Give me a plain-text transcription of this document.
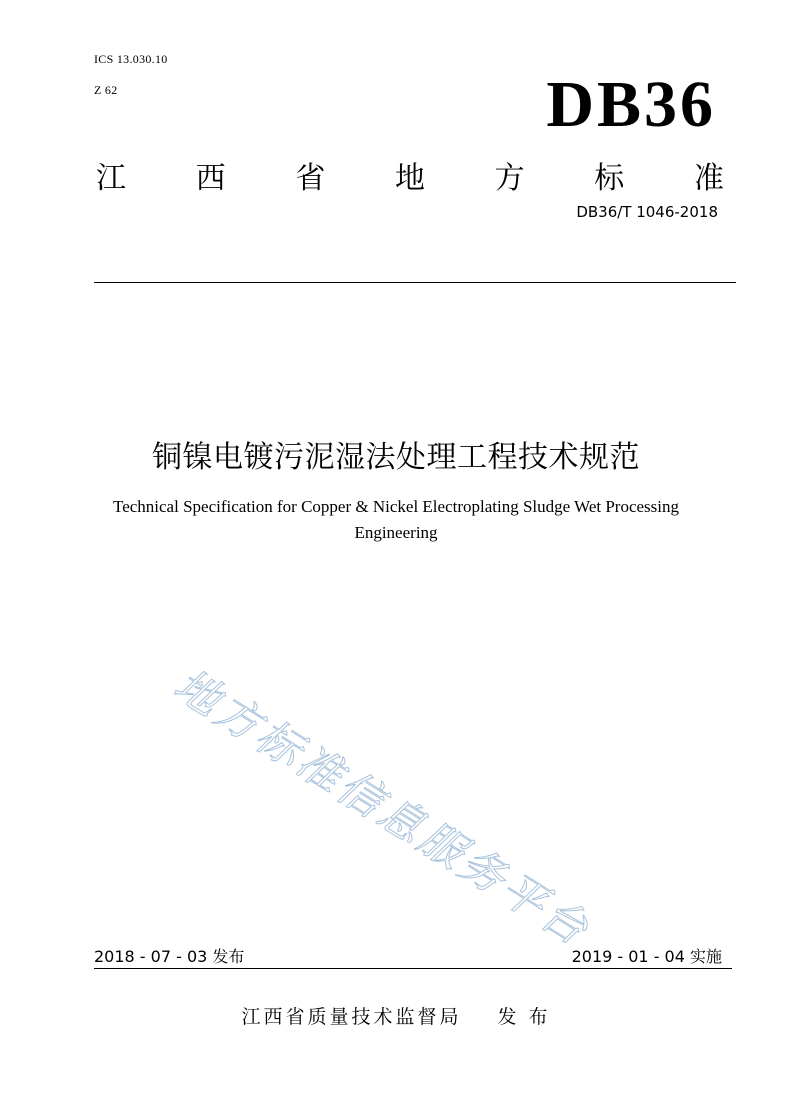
ICS 13.030.10
Z 62	DB36
江 西 省 地 方 标 准
DB36/T 1046-2018
铜镍电镀污泥湿法处理工程技术规范
Technical Specification for Copper & Nickel Electroplating Sludge Wet Processing
Engineering
地方标准信息服务平台
2018 - 07 - 03 发布	2019 - 01 - 04 实施
江西省质量技术监督局 发 布
